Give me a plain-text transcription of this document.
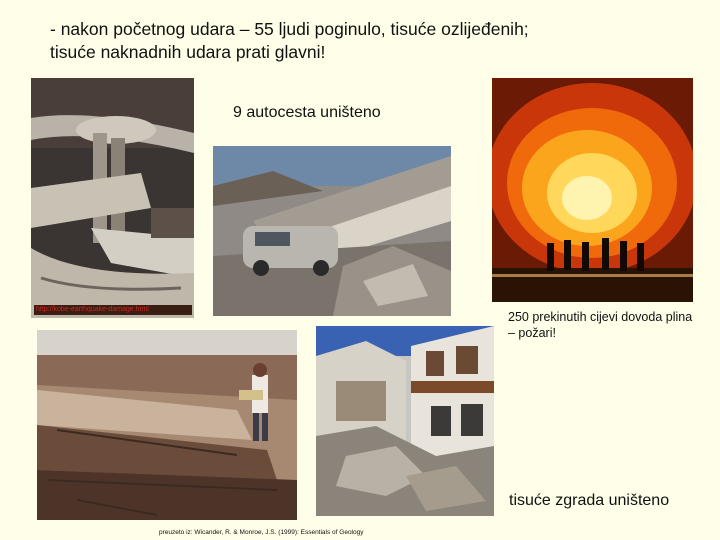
- nakon početnog udara – 55 ljudi poginulo, tisuće ozlijeđenih;
tisuće naknadnih udara prati glavni!
http://kobe-earthquake-damage.html
9 autocesta uništeno
250 prekinutih cijevi dovoda plina
– požari!
tisuće zgrada uništeno
preuzeto iz: Wicander, R. & Monroe, J.S. (1999): Essentials of Geology
